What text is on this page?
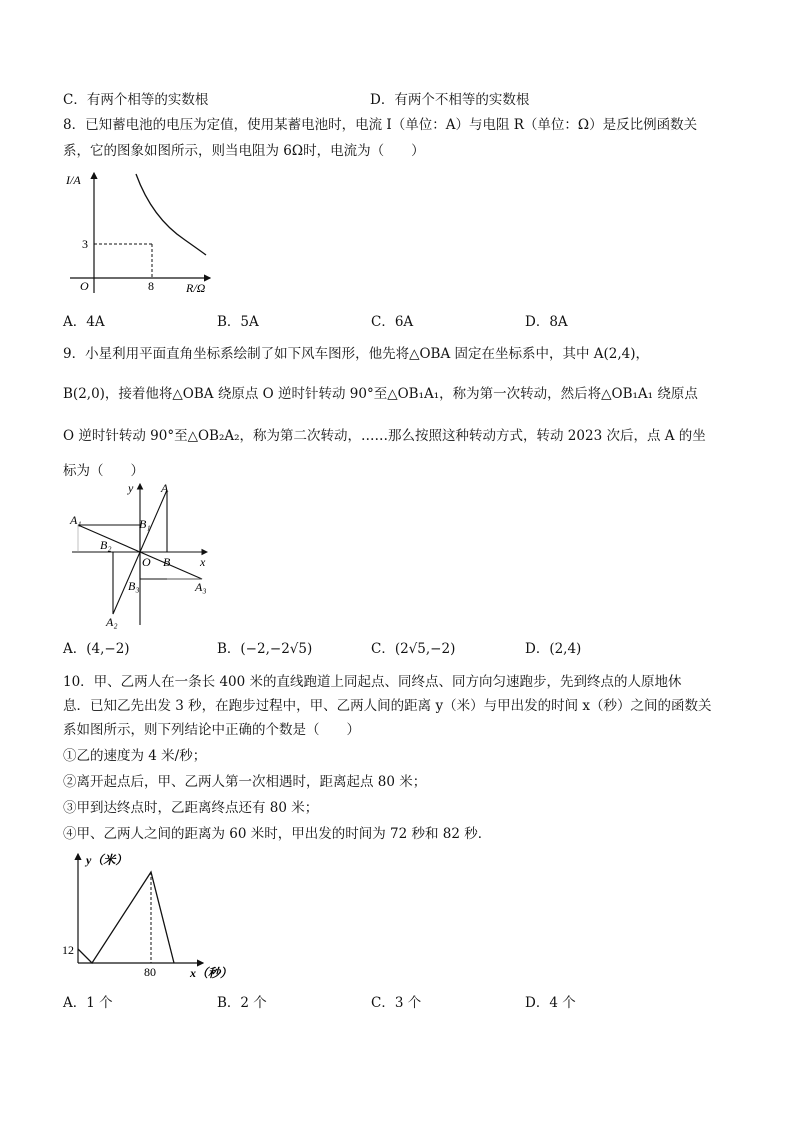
C．有两个相等的实数根	D．有两个不相等的实数根
8．已知蓄电池的电压为定值，使用某蓄电池时，电流 I（单位：A）与电阻 R（单位：Ω）是反比例函数关
系，它的图象如图所示，则当电阻为 6Ω时，电流为（　　）
I/A
R/Ω
O
3
8
A．4A	B．5A	C．6A	D．8A
9．小星利用平面直角坐标系绘制了如下风车图形，他先将△OBA 固定在坐标系中，其中 A(2,4)，
B(2,0)，接着他将△OBA 绕原点 O 逆时针转动 90°至△OB₁A₁，称为第一次转动，然后将△OB₁A₁ 绕原点
O 逆时针转动 90°至△OB₂A₂，称为第二次转动，……那么按照这种转动方式，转动 2023 次后，点 A 的坐
标为（　　）
y
x
O
A
B
A₁	B₁
B₂
A₂
B₃	A₃
A．(4,−2)	B．(−2,−2√5)	C．(2√5,−2)	D．(2,4)
10．甲、乙两人在一条长 400 米的直线跑道上同起点、同终点、同方向匀速跑步，先到终点的人原地休
息．已知乙先出发 3 秒，在跑步过程中，甲、乙两人间的距离 y（米）与甲出发的时间 x（秒）之间的函数关
系如图所示，则下列结论中正确的个数是（　　）
①乙的速度为 4 米/秒；
②离开起点后，甲、乙两人第一次相遇时，距离起点 80 米；
③甲到达终点时，乙距离终点还有 80 米；
④甲、乙两人之间的距离为 60 米时，甲出发的时间为 72 秒和 82 秒．
y（米）
x（秒）
12
80
A．1 个	B．2 个	C．3 个	D．4 个
